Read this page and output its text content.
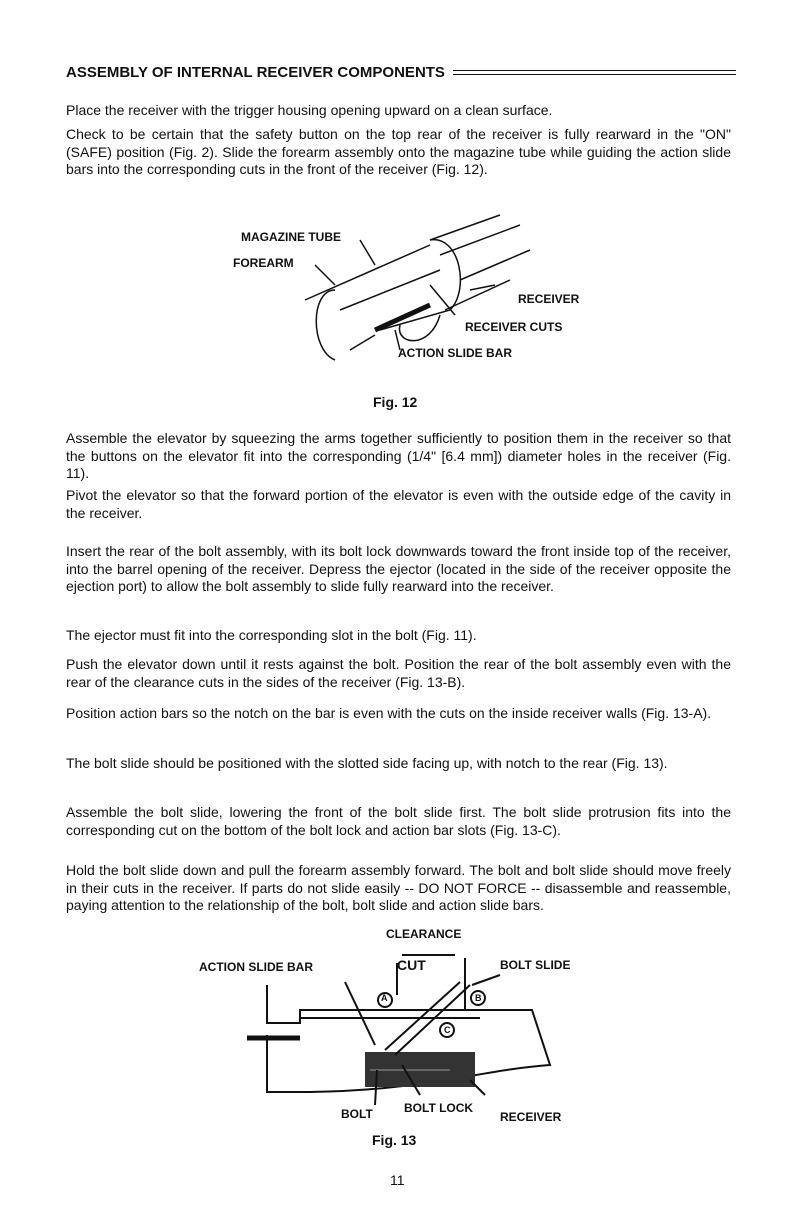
ASSEMBLY OF INTERNAL RECEIVER COMPONENTS

Place the receiver with the trigger housing opening upward on a clean surface.

Check to be certain that the safety button on the top rear of the receiver is fully rearward in the "ON" (SAFE) position (Fig. 2). Slide the forearm assembly onto the magazine tube while guiding the action slide bars into the corresponding cuts in the front of the receiver (Fig. 12).

MAGAZINE TUBE
FOREARM
RECEIVER
RECEIVER CUTS
ACTION SLIDE BAR
Fig. 12

Assemble the elevator by squeezing the arms together sufficiently to position them in the receiver so that the buttons on the elevator fit into the corresponding (1/4" [6.4 mm]) diameter holes in the receiver (Fig. 11).

Pivot the elevator so that the forward portion of the elevator is even with the outside edge of the cavity in the receiver.

Insert the rear of the bolt assembly, with its bolt lock downwards toward the front inside top of the receiver, into the barrel opening of the receiver. Depress the ejector (located in the side of the receiver opposite the ejection port) to allow the bolt assembly to slide fully rearward into the receiver.

The ejector must fit into the corresponding slot in the bolt (Fig. 11).

Push the elevator down until it rests against the bolt. Position the rear of the bolt assembly even with the rear of the clearance cuts in the sides of the receiver (Fig. 13-B).

Position action bars so the notch on the bar is even with the cuts on the inside receiver walls (Fig. 13-A).

The bolt slide should be positioned with the slotted side facing up, with notch to the rear (Fig. 13).

Assemble the bolt slide, lowering the front of the bolt slide first. The bolt slide protrusion fits into the corresponding cut on the bottom of the bolt lock and action bar slots (Fig. 13-C).

Hold the bolt slide down and pull the forearm assembly forward. The bolt and bolt slide should move freely in their cuts in the receiver. If parts do not slide easily -- DO NOT FORCE -- disassemble and reassemble, paying attention to the relationship of the bolt, bolt slide and action slide bars.

CLEARANCE
CUT
ACTION SLIDE BAR	BOLT SLIDE
BOLT	BOLT LOCK
RECEIVER
A	B
C
Fig. 13
11
